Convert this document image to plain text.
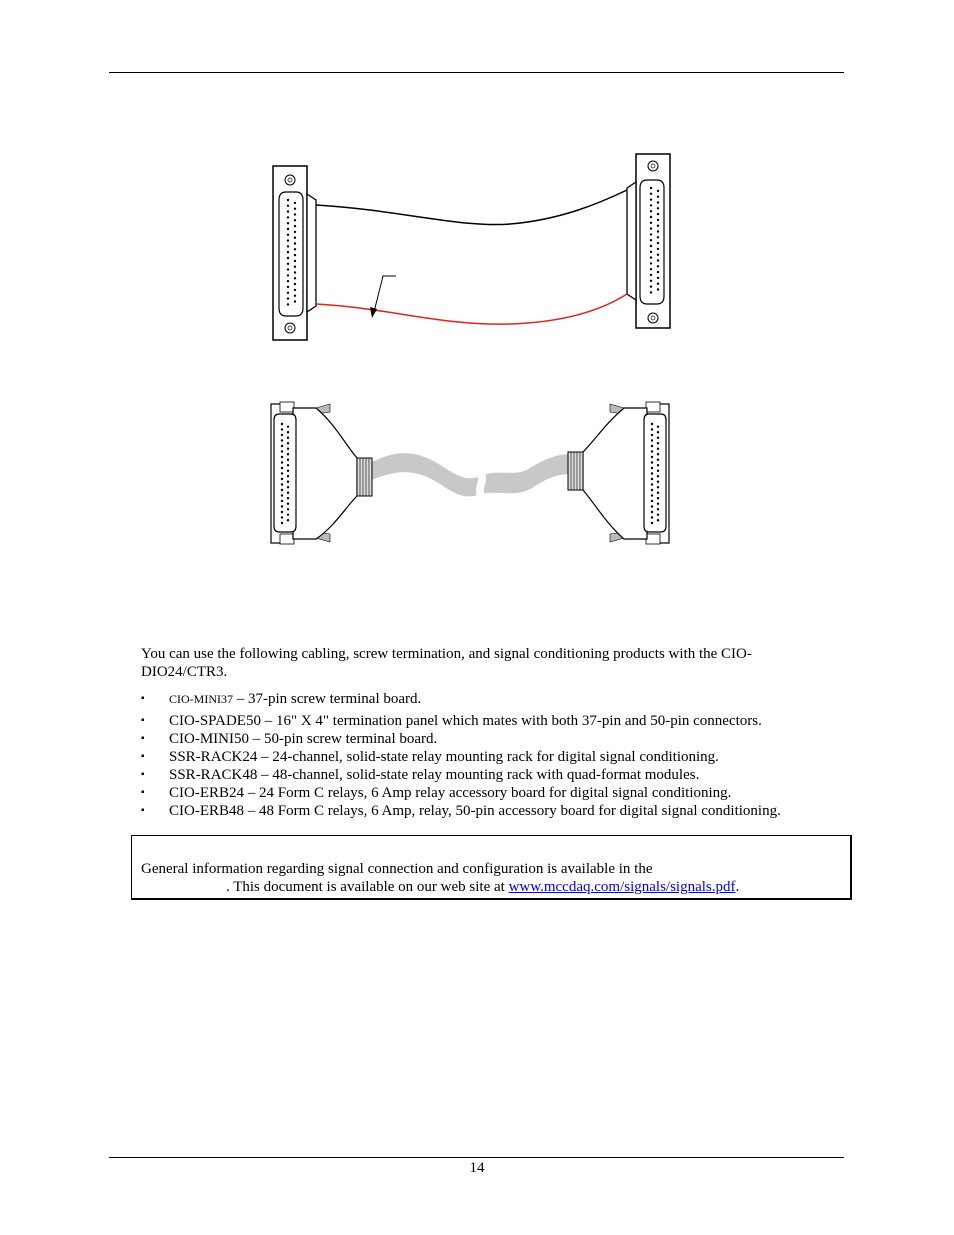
You can use the following cabling, screw termination, and signal conditioning products with the CIO-DIO24/CTR3.

▪ CIO-MINI37 – 37-pin screw terminal board.
▪ CIO-SPADE50 – 16" X 4" termination panel which mates with both 37-pin and 50-pin connectors.
▪ CIO-MINI50 – 50-pin screw terminal board.
▪ SSR-RACK24 – 24-channel, solid-state relay mounting rack for digital signal conditioning.
▪ SSR-RACK48 – 48-channel, solid-state relay mounting rack with quad-format modules.
▪ CIO-ERB24 – 24 Form C relays, 6 Amp relay accessory board for digital signal conditioning.
▪ CIO-ERB48 – 48 Form C relays, 6 Amp, relay, 50-pin accessory board for digital signal conditioning.
General information regarding signal connection and configuration is available in the
. This document is available on our web site at www.mccdaq.com/signals/signals.pdf.
14
